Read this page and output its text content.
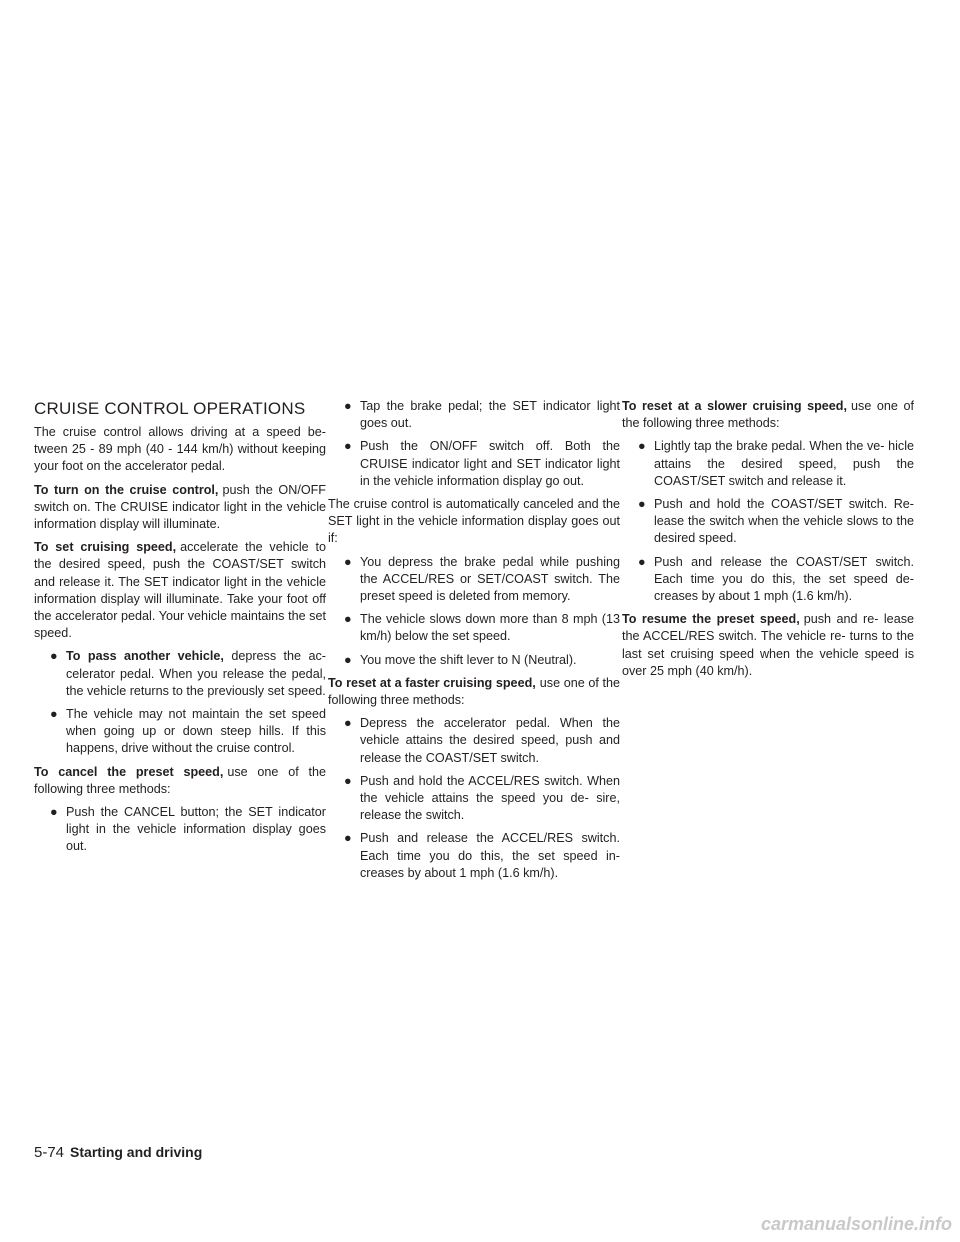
CRUISE CONTROL OPERATIONS

The cruise control allows driving at a speed be- tween 25 - 89 mph (40 - 144 km/h) without keeping your foot on the accelerator pedal.

To turn on the cruise control, push the ON/OFF switch on. The CRUISE indicator light in the vehicle information display will illuminate.

To set cruising speed, accelerate the vehicle to the desired speed, push the COAST/SET switch and release it. The SET indicator light in the vehicle information display will illuminate. Take your foot off the accelerator pedal. Your vehicle maintains the set speed.

● To pass another vehicle, depress the ac- celerator pedal. When you release the pedal, the vehicle returns to the previously set speed.
● The vehicle may not maintain the set speed when going up or down steep hills. If this happens, drive without the cruise control.

To cancel the preset speed, use one of the following three methods:

● Push the CANCEL button; the SET indicator light in the vehicle information display goes out.
● Tap the brake pedal; the SET indicator light goes out.
● Push the ON/OFF switch off. Both the CRUISE indicator light and SET indicator light in the vehicle information display go out.

The cruise control is automatically canceled and the SET light in the vehicle information display goes out if:

● You depress the brake pedal while pushing the ACCEL/RES or SET/COAST switch. The preset speed is deleted from memory.
● The vehicle slows down more than 8 mph (13 km/h) below the set speed.
● You move the shift lever to N (Neutral).

To reset at a faster cruising speed, use one of the following three methods:

● Depress the accelerator pedal. When the vehicle attains the desired speed, push and release the COAST/SET switch.
● Push and hold the ACCEL/RES switch. When the vehicle attains the speed you de- sire, release the switch.
● Push and release the ACCEL/RES switch. Each time you do this, the set speed in- creases by about 1 mph (1.6 km/h).

To reset at a slower cruising speed, use one of the following three methods:

● Lightly tap the brake pedal. When the ve- hicle attains the desired speed, push the COAST/SET switch and release it.
● Push and hold the COAST/SET switch. Re- lease the switch when the vehicle slows to the desired speed.
● Push and release the COAST/SET switch. Each time you do this, the set speed de- creases by about 1 mph (1.6 km/h).

To resume the preset speed, push and re- lease the ACCEL/RES switch. The vehicle re- turns to the last set cruising speed when the vehicle speed is over 25 mph (40 km/h).

5-74 Starting and driving
carmanualsonline.info
